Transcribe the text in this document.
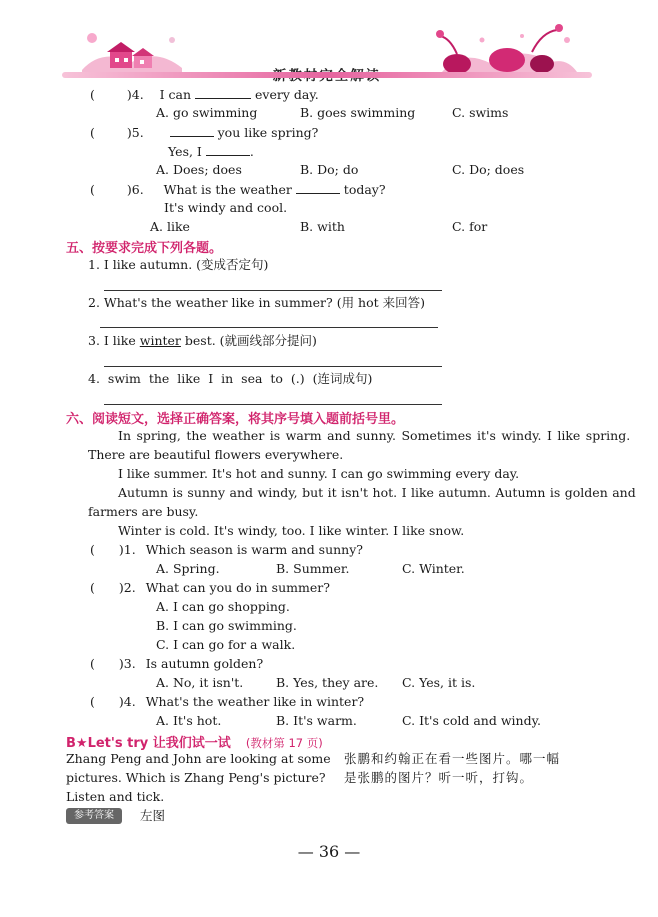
(	)4. I can	every day.
A. go swimming	B. goes swimming	C. swims
(	)5.	you like spring?
Yes, I	.
A. Does; does	B. Do; do	C. Do; does
(	)6. What is the weather	today?
It's windy and cool.
A. like	B. with	C. for
五、按要求完成下列各题。
1. I like autumn. (变成否定句)
2. What's the weather like in summer? (用 hot 来回答)
3. I like winter best. (就画线部分提问)
4. swim the like I in sea to (.) (连词成句)
六、阅读短文，选择正确答案，将其序号填入题前括号里。
In spring, the weather is warm and sunny. Sometimes it's windy. I like spring.
There are beautiful flowers everywhere.
I like summer. It's hot and sunny. I can go swimming every day.
Autumn is sunny and windy, but it isn't hot. I like autumn. Autumn is golden and
farmers are busy.
Winter is cold. It's windy, too. I like winter. I like snow.
( )1. Which season is warm and sunny?
A. Spring.	B. Summer.	C. Winter.
( )2. What can you do in summer?
A. I can go shopping.
B. I can go swimming.
C. I can go for a walk.
( )3. Is autumn golden?
A. No, it isn't.	B. Yes, they are. C. Yes, it is.
( )4. What's the weather like in winter?
A. It's hot.	B. It's warm.	C. It's cold and windy.
B★Let's try 让我们试一试 (教材第 17 页)
Zhang Peng and John are looking at some
pictures. Which is Zhang Peng's picture?
Listen and tick.
张鹏和约翰正在看一些图片。哪一幅
是张鹏的图片？听一听，打钩。
参考答案	左图
— 36 —
